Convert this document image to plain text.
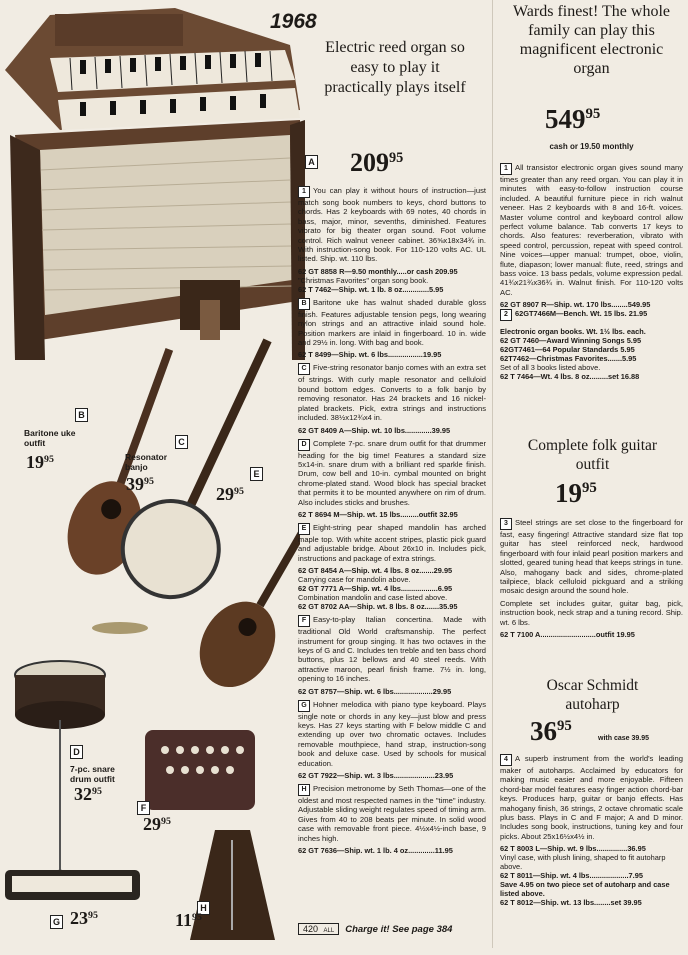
1968
Electric reed organ so easy to play it practically plays itself
A $209^{95}$
B
Baritone uke outfit
$19^{95}$
C
Resonator banjo
$39^{95}$
E
$29^{95}$
D
7-pc. snare drum outfit
$32^{95}$
F
$29^{95}$
G $23^{95}$
H
$11^{95}$

1 You can play it without hours of instruction—just match song book numbers to keys, chord buttons to chords. Has 2 keyboards with 69 notes, 40 chords in bass, major, minor, sevenths, diminished. Features vibrato for big theater organ sound. Foot volume control. Rich walnut veneer cabinet. 36⅝x18x34¾ in. With instruction-song book. For 110-120 volts AC. UL listed. Ship. wt. 110 lbs.

62 GT 8858 R—9.50 monthly.....or cash 209.95
"Christmas Favorites" organ song book.
62 T 7462—Ship. wt. 1 lb. 8 oz.............5.95

B Baritone uke has walnut shaded durable gloss finish. Features adjustable tension pegs, long wearing nylon strings and an attractive inlaid sound hole. Position markers are inlaid in fingerboard. 10 in. wide and 29½ in. long. With bag and book.

62 T 8499—Ship. wt. 6 lbs.................19.95

C Five-string resonator banjo comes with an extra set of strings. With curly maple resonator and celluloid bound bottom edges. Converts to a folk banjo by removing resonator. Has 24 brackets and 16 nickel-plated brackets. Pick, extra strings and instructions included. 38½x12¾x4 in.

62 GT 8409 A—Ship. wt. 10 lbs.............39.95

D Complete 7-pc. snare drum outfit for that drummer heading for the big time! Features a standard size 5x14-in. snare drum with a brilliant red sparkle finish. Drum, cow bell and 10-in. cymbal mounted on bright chrome-plated stand. Wood block has special bracket that permits it to be mounted anywhere on rim of drum. Also includes sticks and brushes.

62 T 8694 M—Ship. wt. 15 lbs.........outfit 32.95

E Eight-string pear shaped mandolin has arched maple top. With white accent stripes, plastic pick guard and adjustable bridge. About 26x10 in. Includes pick, instructions and package of extra strings.

62 GT 8454 A—Ship. wt. 4 lbs. 8 oz.......29.95
Carrying case for mandolin above.
62 GT 7771 A—Ship. wt. 4 lbs..................6.95
Combination mandolin and case listed above.
62 GT 8702 AA—Ship. wt. 8 lbs. 8 oz.......35.95

F Easy-to-play Italian concertina. Made with traditional Old World craftsmanship. The perfect instrument for group singing. It has two octaves in the keys of G and C. Includes ten treble and ten bass chord buttons, plus 12 bellows and 40 steel reeds. With attractive maroon, pearl finish frame. 7½ in. long, opening to 16 inches.

62 GT 8757—Ship. wt. 6 lbs...................29.95

G Hohner melodica with piano type keyboard. Plays single note or chords in any key—just blow and press keys. Has 27 keys starting with F below middle C and extending up over two chromatic octaves. Includes removable mouthpiece, hand strap, instruction-song book and deluxe case. Used by schools for musical education.

62 GT 7922—Ship. wt. 3 lbs....................23.95

H Precision metronome by Seth Thomas—one of the oldest and most respected names in the "time" industry. Adjustable sliding weight regulates speed of timing arm. Gives from 40 to 208 beats per minute. In solid wood case with removable front piece. 4½x4½-inch base, 9 inches high.

62 GT 7636—Ship. wt. 1 lb. 4 oz.............11.95
420 ALL	Charge it! See page 384
Wards finest! The whole family can play this magnificent electronic organ
$549^{95}$
cash or 19.50 monthly

1 All transistor electronic organ gives sound many times greater than any reed organ. You can play it in minutes with easy-to-follow instruction course included. A beautiful furniture piece in rich walnut veneer. Has 2 keyboards with 8 and 16-ft. voices. Master volume control and keyboard control allow perfect volume balance. Tab converts 17 keys to chords. Also features: reverberation, vibrato with speed control, percussion, repeat with speed control. Nine voices—upper manual: trumpet, oboe, violin, flute, diapason; lower manual: flute, reed, strings and bass voice. 13 bass pedals, volume expression pedal. 41¾x21¾x36¾ in. Walnut finish. For 110-120 volts AC.

62 GT 8907 R—Ship. wt. 170 lbs........549.95
2 62GT7466M—Bench. Wt. 15 lbs. 21.95
Electronic organ books. Wt. 1½ lbs. each.
62 GT 7460—Award Winning Songs 5.95
62GT7461—64 Popular Standards 5.95
62T7462—Christmas Favorites.......5.95
Set of all 3 books listed above.
62 T 7464—Wt. 4 lbs. 8 oz.........set 16.88
Complete folk guitar outfit
$19^{95}$

3 Steel strings are set close to the fingerboard for fast, easy fingering! Attractive standard size flat top guitar has steel reinforced neck, hardwood fingerboard with four inlaid pearl position markers and slotted, geared tuning head that keeps strings in tune. Also, mahogany back and sides, chrome-plated tailpiece, black celluloid pickguard and a striking mosaic design around the sound hole.

Complete set includes guitar, guitar bag, pick, instruction book, neck strap and a tuning record. Ship. wt. 6 lbs.

62 T 7100 A...........................outfit 19.95
Oscar Schmidt autoharp
$36^{95}$
with case 39.95

4 A superb instrument from the world's leading maker of autoharps. Acclaimed by educators for making music easier and more enjoyable. Fifteen chord-bar model features easy finger action chord-bar keys. Produces harp, guitar or banjo effects. Has mahogany finish, 36 strings, 2 octave chromatic scale plus bass. Plays in C and F major; A and D minor. Includes song book, instructions, tuning key and four picks. About 25x16½x4½ in.

62 T 8003 L—Ship. wt. 9 lbs...............36.95
Vinyl case, with plush lining, shaped to fit autoharp above.
62 T 8011—Ship. wt. 4 lbs...................7.95
Save 4.95 on two piece set of autoharp and case listed above.
62 T 8012—Ship. wt. 13 lbs........set 39.95
